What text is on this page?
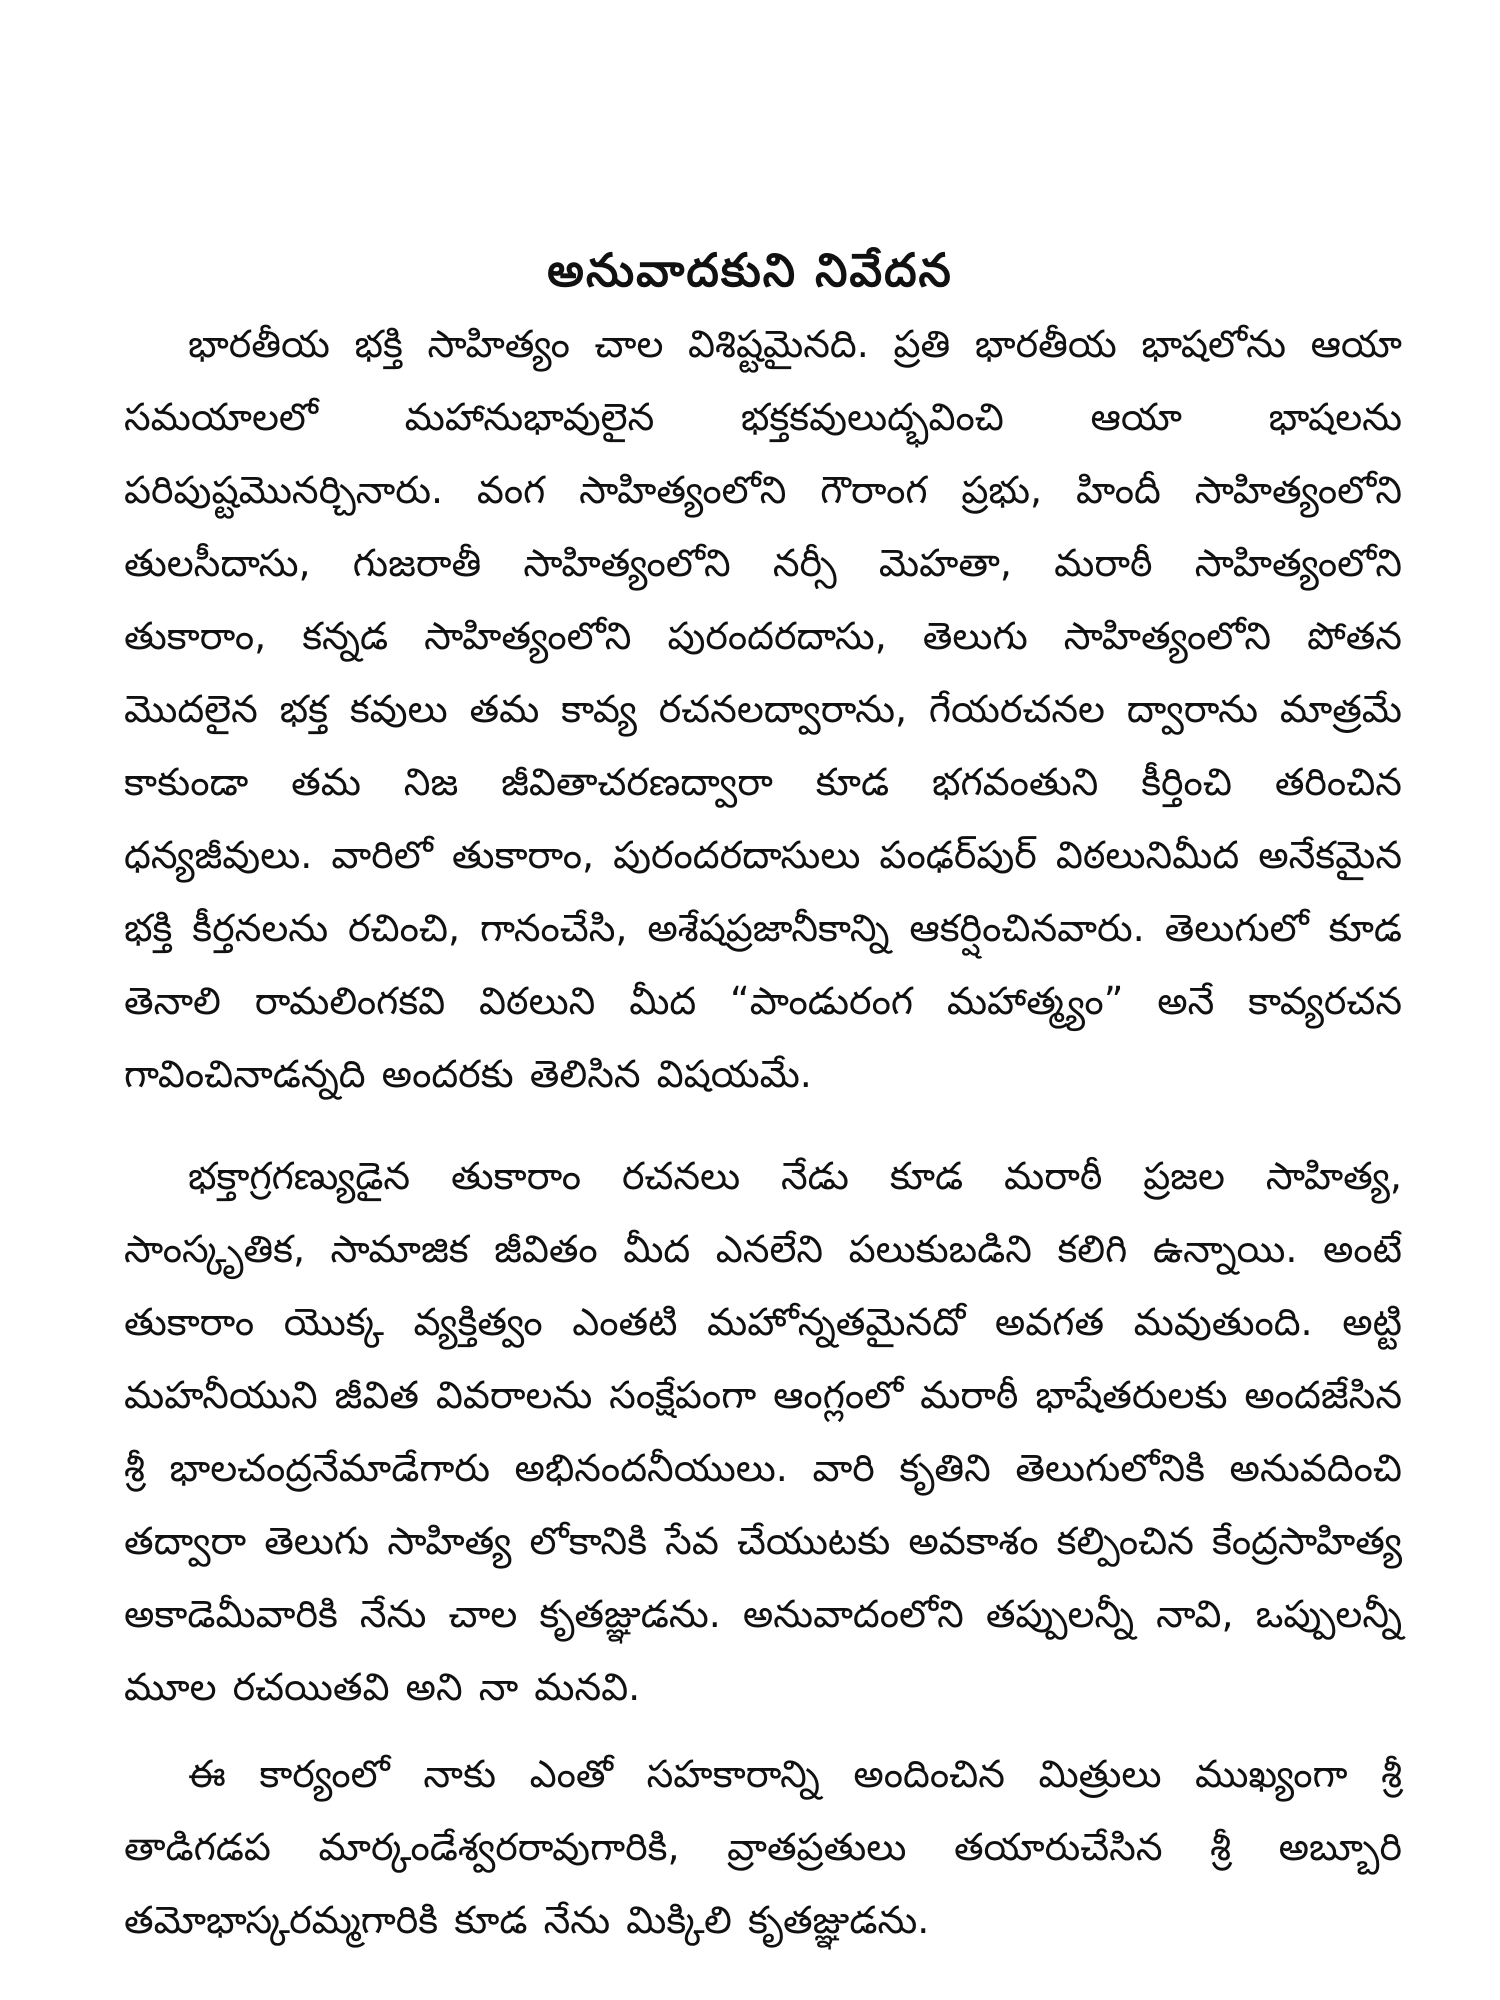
అనువాదకుని నివేదన

భారతీయ భక్తి సాహిత్యం చాల విశిష్టమైనది. ప్రతి భారతీయ భాషలోను ఆయా సమయాలలో మహానుభావులైన భక్తకవులుద్భవించి ఆయా భాషలను పరిపుష్టమొనర్చినారు. వంగ సాహిత్యంలోని గౌరాంగ ప్రభు, హిందీ సాహిత్యంలోని తులసీదాసు, గుజరాతీ సాహిత్యంలోని నర్సీ మెహతా, మరాఠీ సాహిత్యంలోని తుకారాం, కన్నడ సాహిత్యంలోని పురందరదాసు, తెలుగు సాహిత్యంలోని పోతన మొదలైన భక్త కవులు తమ కావ్య రచనలద్వారాను, గేయరచనల ద్వారాను మాత్రమే కాకుండా తమ నిజ జీవితాచరణద్వారా కూడ భగవంతుని కీర్తించి తరించిన ధన్యజీవులు. వారిలో తుకారాం, పురందరదాసులు పంఢర్‌పుర్ విఠలునిమీద అనేకమైన భక్తి కీర్తనలను రచించి, గానంచేసి, అశేషప్రజానీకాన్ని ఆకర్షించినవారు. తెలుగులో కూడ తెనాలి రామలింగకవి విఠలుని మీద “పాండురంగ మహాత్మ్యం” అనే కావ్యరచన గావించినాడన్నది అందరకు తెలిసిన విషయమే.

భక్తాగ్రగణ్యుడైన తుకారాం రచనలు నేడు కూడ మరాఠీ ప్రజల సాహిత్య, సాంస్కృతిక, సామాజిక జీవితం మీద ఎనలేని పలుకుబడిని కలిగి ఉన్నాయి. అంటే తుకారాం యొక్క వ్యక్తిత్వం ఎంతటి మహోన్నతమైనదో అవగత మవుతుంది. అట్టి మహనీయుని జీవిత వివరాలను సంక్షేపంగా ఆంగ్లంలో మరాఠీ భాషేతరులకు అందజేసిన శ్రీ భాలచంద్రనేమాడేగారు అభినందనీయులు. వారి కృతిని తెలుగులోనికి అనువదించి తద్వారా తెలుగు సాహిత్య లోకానికి సేవ చేయుటకు అవకాశం కల్పించిన కేంద్రసాహిత్య అకాడెమీవారికి నేను చాల కృతజ్ఞుడను. అనువాదంలోని తప్పులన్నీ నావి, ఒప్పులన్నీ మూల రచయితవి అని నా మనవి.

ఈ కార్యంలో నాకు ఎంతో సహకారాన్ని అందించిన మిత్రులు ముఖ్యంగా శ్రీ తాడిగడప మార్కండేశ్వరరావుగారికి, వ్రాతప్రతులు తయారుచేసిన శ్రీ అబ్బూరి తమోభాస్కరమ్మగారికి కూడ నేను మిక్కిలి కృతజ్ఞుడను.
